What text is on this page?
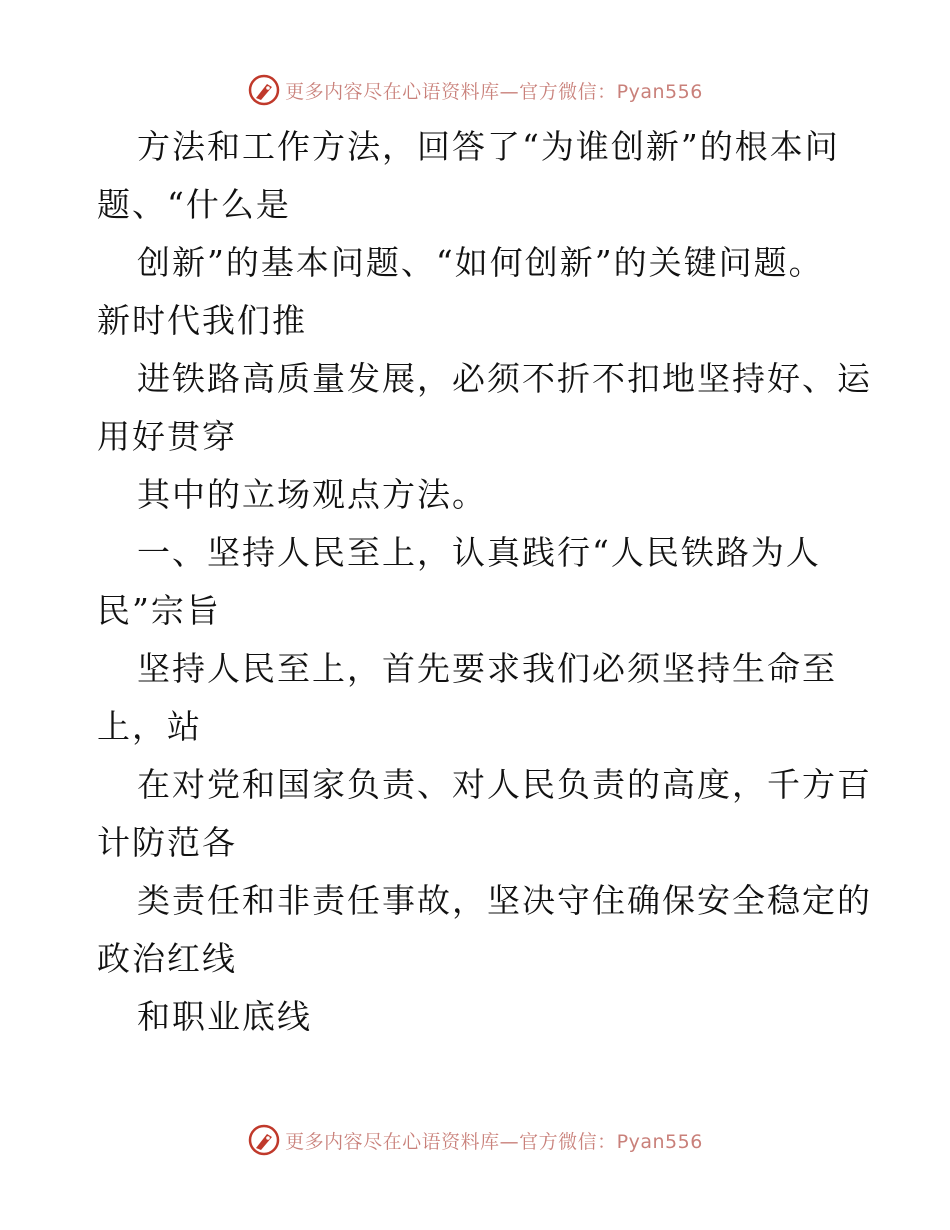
更多内容尽在心语资料库—官方微信：Pyan556

方法和工作方法，回答了“为谁创新”的根本问
题、“什么是

创新”的基本问题、“如何创新”的关键问题。
新时代我们推

进铁路高质量发展，必须不折不扣地坚持好、运
用好贯穿

其中的立场观点方法。

一、坚持人民至上，认真践行“人民铁路为人
民”宗旨

坚持人民至上，首先要求我们必须坚持生命至
上，站

在对党和国家负责、对人民负责的高度，千方百
计防范各

类责任和非责任事故，坚决守住确保安全稳定的
政治红线

和职业底线

更多内容尽在心语资料库—官方微信：Pyan556
